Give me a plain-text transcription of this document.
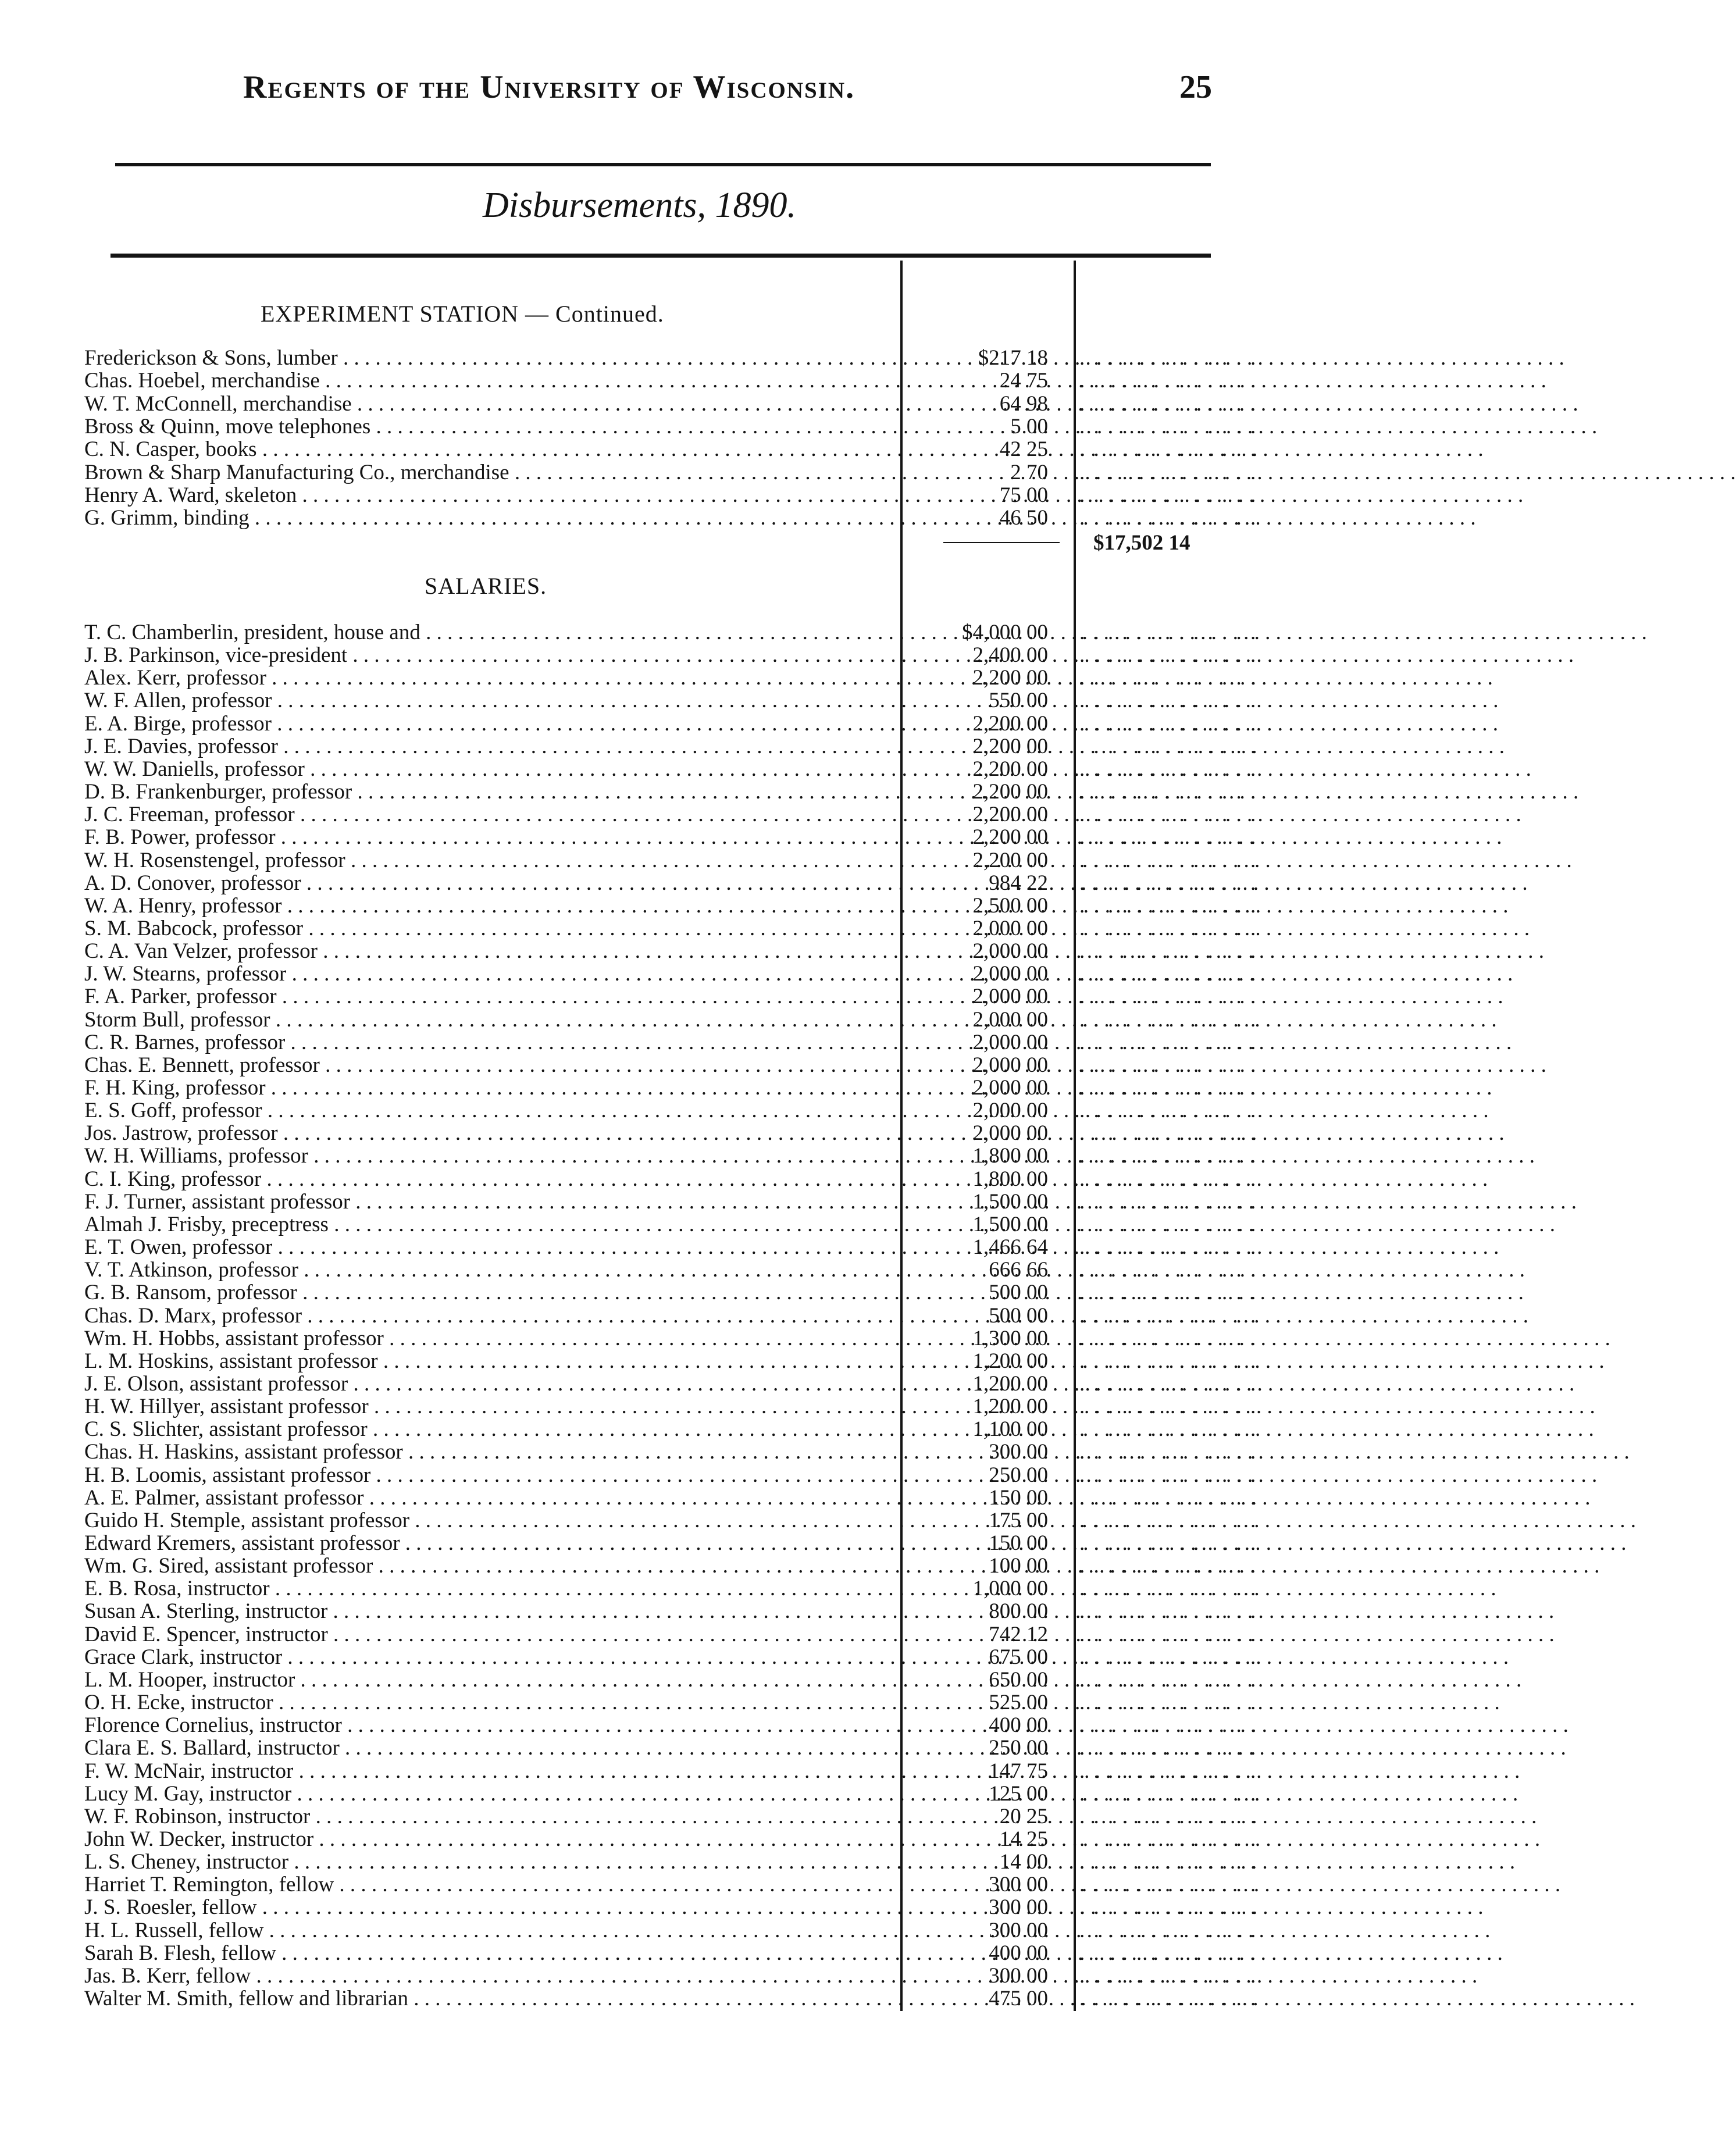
Regents of the University of Wisconsin.	25
Disbursements, 1890.
EXPERIMENT STATION — Continued.
Frederickson & Sons, lumber . . .	$217 18 . . . . . . . . . . . . .
Chas. Hoebel, merchandise . . .	24 75 . . . . . . . . . . . . .
W. T. McConnell, merchandise . . .	64 98 . . . . . . . . . . . . .
Bross & Quinn, move telephones . . .	5 00 . . . . . . . . . . . . .
C. N. Casper, books . . .	42 25 . . . . . . . . . . . . .
Brown & Sharp Manufacturing Co., merchandise . . .	2 70 . . . . . . . . . . . . .
Henry A. Ward, skeleton . . .	75 00 . . . . . . . . . . . . .
G. Grimm, binding . . .	46 50 . . . . . . . . . . . . .
$17,502 14
SALARIES.
T. C. Chamberlin, president, house and . . .	$4,000 00 . . . . . . . . . . . . .
J. B. Parkinson, vice-president . . .	2,400 00 . . . . . . . . . . . . .
Alex. Kerr, professor . . .	2,200 00 . . . . . . . . . . . . .
W. F. Allen, professor . . .	550 00 . . . . . . . . . . . . .
E. A. Birge, professor . . .	2,200 00 . . . . . . . . . . . . .
J. E. Davies, professor . . .	2,200 00 . . . . . . . . . . . . .
W. W. Daniells, professor . . .	2,200 00 . . . . . . . . . . . . .
D. B. Frankenburger, professor . . .	2,200 00 . . . . . . . . . . . . .
J. C. Freeman, professor . . .	2,200 00 . . . . . . . . . . . . .
F. B. Power, professor . . .	2,200 00 . . . . . . . . . . . . .
W. H. Rosenstengel, professor . . .	2,200 00 . . . . . . . . . . . . .
A. D. Conover, professor . . .	984 22 . . . . . . . . . . . . .
W. A. Henry, professor . . .	2,500 00 . . . . . . . . . . . . .
S. M. Babcock, professor . . .	2,000 00 . . . . . . . . . . . . .
C. A. Van Velzer, professor . . .	2,000 00 . . . . . . . . . . . . .
J. W. Stearns, professor . . .	2,000 00 . . . . . . . . . . . . .
F. A. Parker, professor . . .	2,000 00 . . . . . . . . . . . . .
Storm Bull, professor . . .	2,000 00 . . . . . . . . . . . . .
C. R. Barnes, professor . . .	2,000 00 . . . . . . . . . . . . .
Chas. E. Bennett, professor . . .	2,000 00 . . . . . . . . . . . . .
F. H. King, professor . . .	2,000 00 . . . . . . . . . . . . .
E. S. Goff, professor . . .	2,000 00 . . . . . . . . . . . . .
Jos. Jastrow, professor . . .	2,000 00 . . . . . . . . . . . . .
W. H. Williams, professor . . .	1,800 00 . . . . . . . . . . . . .
C. I. King, professor . . .	1,800 00 . . . . . . . . . . . . .
F. J. Turner, assistant professor . . .	1,500 00 . . . . . . . . . . . . .
Almah J. Frisby, preceptress . . .	1,500 00 . . . . . . . . . . . . .
E. T. Owen, professor . . .	1,466 64 . . . . . . . . . . . . .
V. T. Atkinson, professor . . .	666 66 . . . . . . . . . . . . .
G. B. Ransom, professor . . .	500 00 . . . . . . . . . . . . .
Chas. D. Marx, professor . . .	500 00 . . . . . . . . . . . . .
Wm. H. Hobbs, assistant professor . . .	1,300 00 . . . . . . . . . . . . .
L. M. Hoskins, assistant professor . . .	1,200 00 . . . . . . . . . . . . .
J. E. Olson, assistant professor . . .	1,200 00 . . . . . . . . . . . . .
H. W. Hillyer, assistant professor . . .	1,200 00 . . . . . . . . . . . . .
C. S. Slichter, assistant professor . . .	1,100 00 . . . . . . . . . . . . .
Chas. H. Haskins, assistant professor . . .	300 00 . . . . . . . . . . . . .
H. B. Loomis, assistant professor . . .	250 00 . . . . . . . . . . . . .
A. E. Palmer, assistant professor . . .	150 00 . . . . . . . . . . . . .
Guido H. Stemple, assistant professor . . .	175 00 . . . . . . . . . . . . .
Edward Kremers, assistant professor . . .	150 00 . . . . . . . . . . . . .
Wm. G. Sired, assistant professor . . .	100 00 . . . . . . . . . . . . .
E. B. Rosa, instructor . . .	1,000 00 . . . . . . . . . . . . .
Susan A. Sterling, instructor . . .	800 00 . . . . . . . . . . . . .
David E. Spencer, instructor . . .	742 12 . . . . . . . . . . . . .
Grace Clark, instructor . . .	675 00 . . . . . . . . . . . . .
L. M. Hooper, instructor . . .	650 00 . . . . . . . . . . . . .
O. H. Ecke, instructor . . .	525 00 . . . . . . . . . . . . .
Florence Cornelius, instructor . . .	400 00 . . . . . . . . . . . . .
Clara E. S. Ballard, instructor . . .	250 00 . . . . . . . . . . . . .
F. W. McNair, instructor . . .	147 75 . . . . . . . . . . . . .
Lucy M. Gay, instructor . . .	125 00 . . . . . . . . . . . . .
W. F. Robinson, instructor . . .	20 25 . . . . . . . . . . . . .
John W. Decker, instructor . . .	14 25 . . . . . . . . . . . . .
L. S. Cheney, instructor . . .	14 00 . . . . . . . . . . . . .
Harriet T. Remington, fellow . . .	300 00 . . . . . . . . . . . . .
J. S. Roesler, fellow . . .	300 00 . . . . . . . . . . . . .
H. L. Russell, fellow . . .	300 00 . . . . . . . . . . . . .
Sarah B. Flesh, fellow . . .	400 00 . . . . . . . . . . . . .
Jas. B. Kerr, fellow . . .	300 00 . . . . . . . . . . . . .
Walter M. Smith, fellow and librarian . . .	475 00 . . . . . . . . . . . . .
